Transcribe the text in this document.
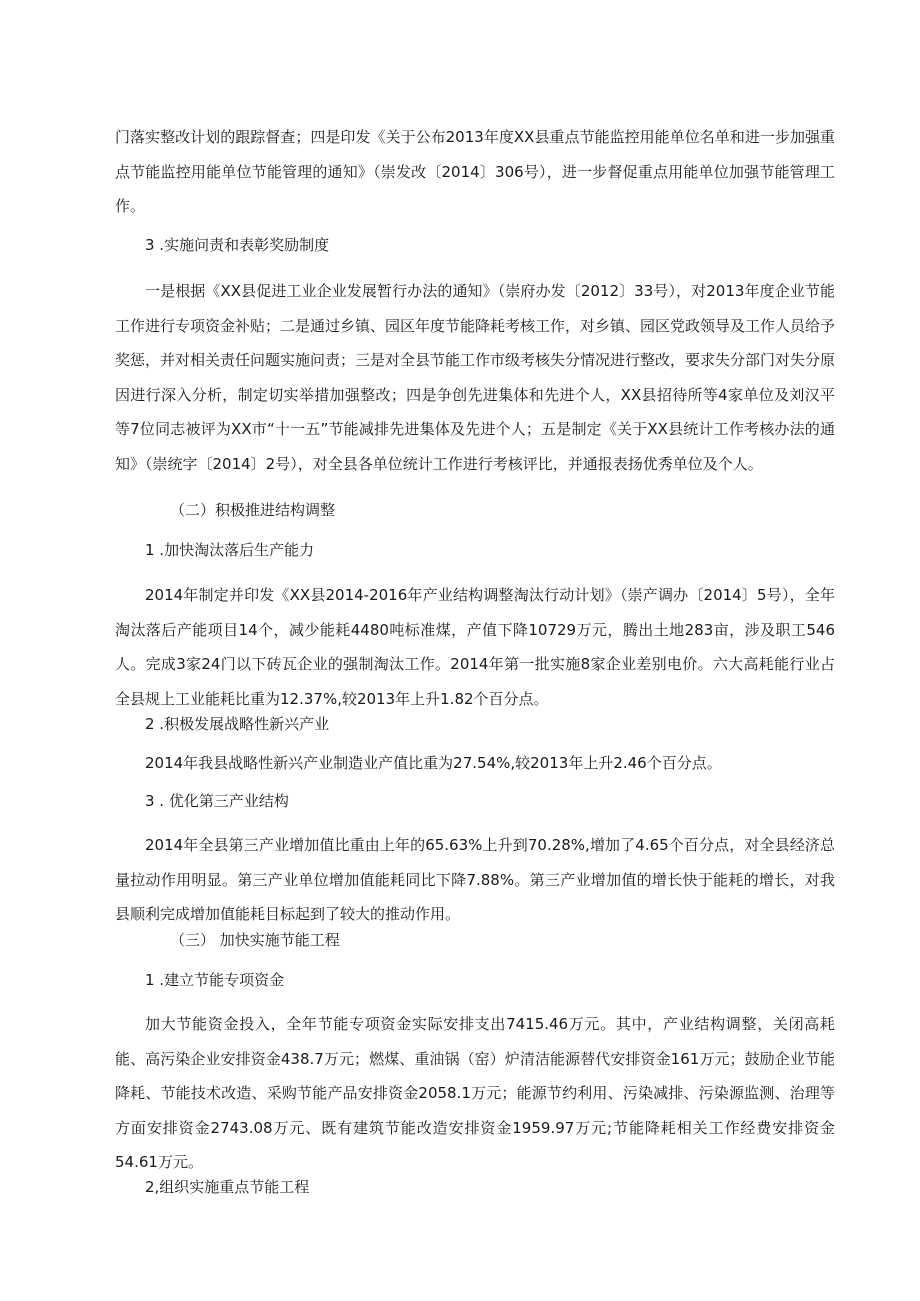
门落实整改计划的跟踪督查；四是印发《关于公布2013年度XX县重点节能监控用能单位名单和进一步加强重点节能监控用能单位节能管理的通知》（崇发改〔2014〕306号），进一步督促重点用能单位加强节能管理工作。

3 .实施问责和表彰奖励制度

一是根据《XX县促进工业企业发展暂行办法的通知》（崇府办发〔2012〕33号），对2013年度企业节能工作进行专项资金补贴；二是通过乡镇、园区年度节能降耗考核工作，对乡镇、园区党政领导及工作人员给予奖惩，并对相关责任问题实施问责；三是对全县节能工作市级考核失分情况进行整改，要求失分部门对失分原因进行深入分析，制定切实举措加强整改；四是争创先进集体和先进个人，XX县招待所等4家单位及刘汉平等7位同志被评为XX市“十一五”节能减排先进集体及先进个人；五是制定《关于XX县统计工作考核办法的通知》（崇统字〔2014〕2号），对全县各单位统计工作进行考核评比，并通报表扬优秀单位及个人。

（二）积极推进结构调整

1 .加快淘汰落后生产能力

2014年制定并印发《XX县2014-2016年产业结构调整淘汰行动计划》（崇产调办〔2014〕5号），全年淘汰落后产能项目14个，减少能耗4480吨标准煤，产值下降10729万元，腾出土地283亩，涉及职工546人。完成3家24门以下砖瓦企业的强制淘汰工作。2014年第一批实施8家企业差别电价。六大高耗能行业占全县规上工业能耗比重为12.37%,较2013年上升1.82个百分点。

2 .积极发展战略性新兴产业

2014年我县战略性新兴产业制造业产值比重为27.54%,较2013年上升2.46个百分点。

3 . 优化第三产业结构

2014年全县第三产业增加值比重由上年的65.63%上升到70.28%,增加了4.65个百分点，对全县经济总量拉动作用明显。第三产业单位增加值能耗同比下降7.88%。第三产业增加值的增长快于能耗的增长，对我县顺利完成增加值能耗目标起到了较大的推动作用。

（三） 加快实施节能工程

1 .建立节能专项资金

加大节能资金投入，全年节能专项资金实际安排支出7415.46万元。其中，产业结构调整，关闭高耗能、高污染企业安排资金438.7万元；燃煤、重油锅（窑）炉清洁能源替代安排资金161万元；鼓励企业节能降耗、节能技术改造、采购节能产品安排资金2058.1万元；能源节约利用、污染减排、污染源监测、治理等方面安排资金2743.08万元、既有建筑节能改造安排资金1959.97万元;节能降耗相关工作经费安排资金54.61万元。

2,组织实施重点节能工程
